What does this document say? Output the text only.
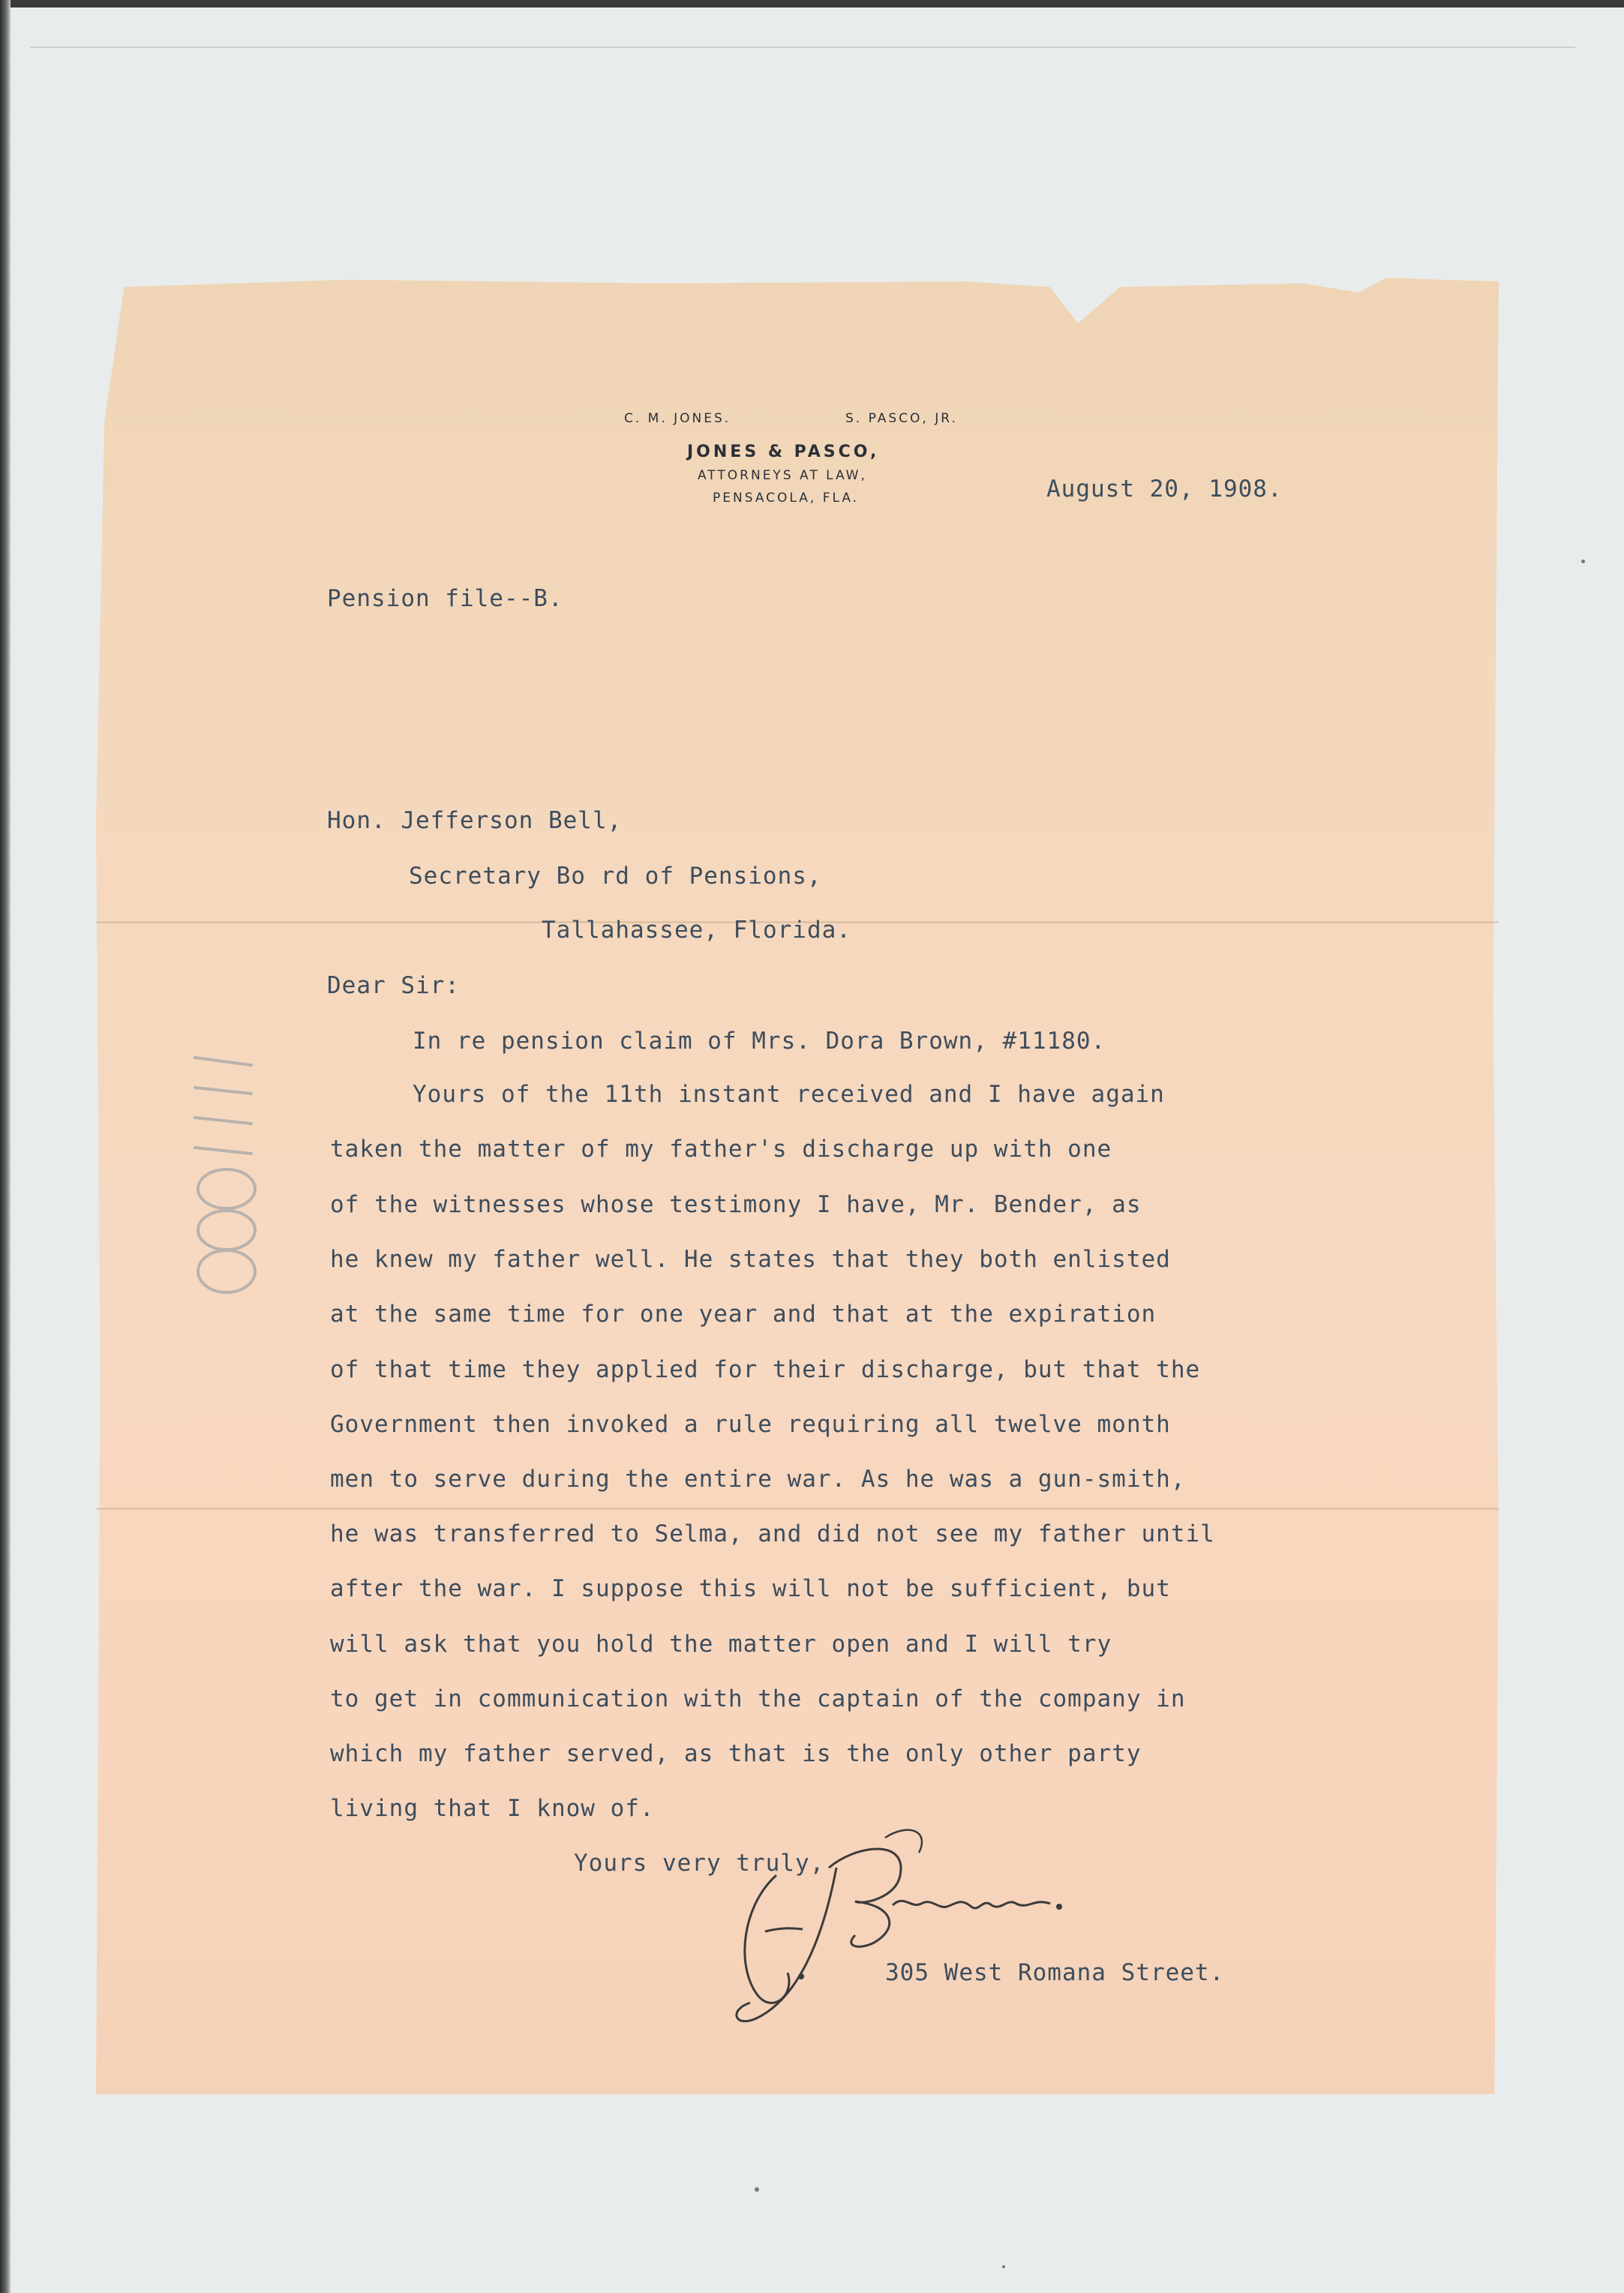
C. M. JONES.	S. PASCO, JR.
JONES & PASCO,
ATTORNEYS AT LAW,
PENSACOLA, FLA.	August 20, 1908.
Pension file--B.
Hon. Jefferson Bell,
Secretary Bo rd of Pensions,
Tallahassee, Florida.
Dear Sir:
In re pension claim of Mrs. Dora Brown, #11180.
Yours of the 11th instant received and I have again
taken the matter of my father's discharge up with one
of the witnesses whose testimony I have, Mr. Bender, as
he knew my father well. He states that they both enlisted
at the same time for one year and that at the expiration
of that time they applied for their discharge, but that the
Government then invoked a rule requiring all twelve month
men to serve during the entire war. As he was a gun-smith,
he was transferred to Selma, and did not see my father until
after the war. I suppose this will not be sufficient, but
will ask that you hold the matter open and I will try
to get in communication with the captain of the company in
which my father served, as that is the only other party
living that I know of.
Yours very truly,
305 West Romana Street.
